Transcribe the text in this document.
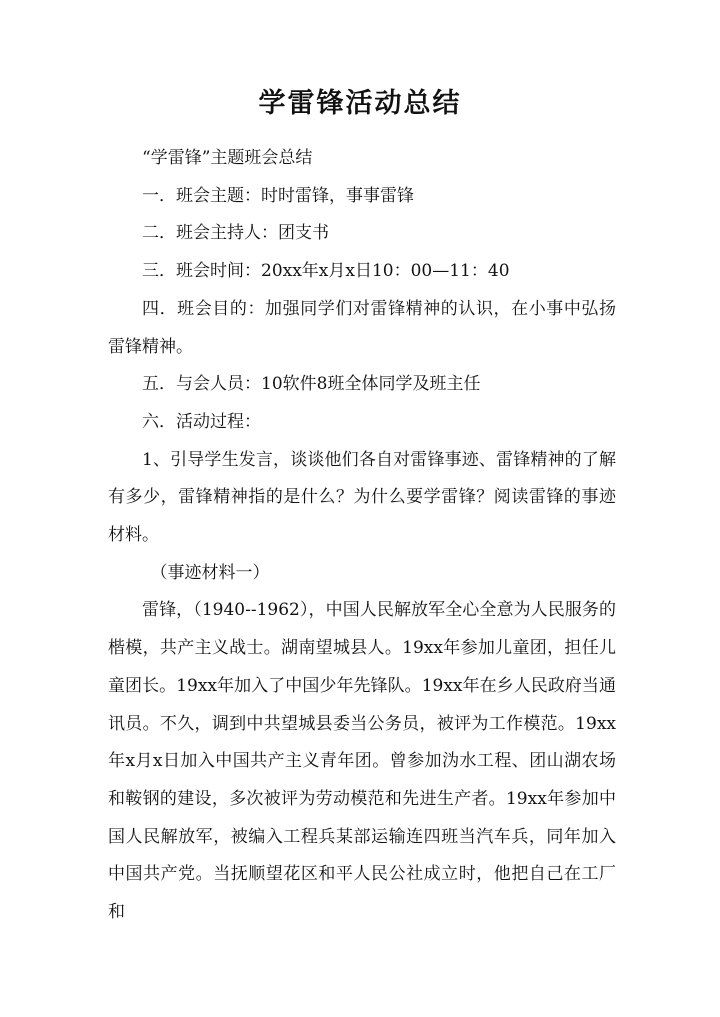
学雷锋活动总结

“学雷锋”主题班会总结

一．班会主题：时时雷锋，事事雷锋

二．班会主持人：团支书

三．班会时间：20xx年x月x日10：00—11：40

四．班会目的：加强同学们对雷锋精神的认识，在小事中弘扬雷锋精神。

五．与会人员：10软件8班全体同学及班主任

六．活动过程：

1、引导学生发言，谈谈他们各自对雷锋事迹、雷锋精神的了解有多少，雷锋精神指的是什么？为什么要学雷锋？阅读雷锋的事迹材料。

（事迹材料一）

雷锋，（1940--1962），中国人民解放军全心全意为人民服务的楷模，共产主义战士。湖南望城县人。19xx年参加儿童团，担任儿童团长。19xx年加入了中国少年先锋队。19xx年在乡人民政府当通讯员。不久，调到中共望城县委当公务员，被评为工作模范。19xx年x月x日加入中国共产主义青年团。曾参加沩水工程、团山湖农场和鞍钢的建设，多次被评为劳动模范和先进生产者。19xx年参加中国人民解放军，被编入工程兵某部运输连四班当汽车兵，同年加入中国共产党。当抚顺望花区和平人民公社成立时，他把自己在工厂和
